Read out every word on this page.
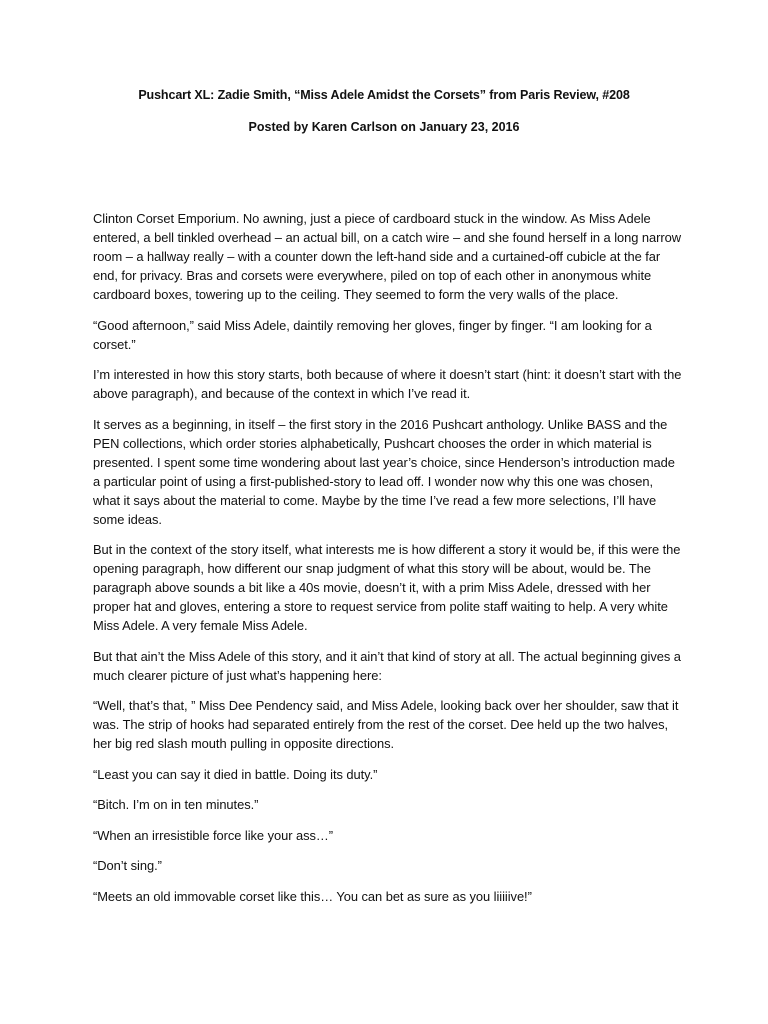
Pushcart XL: Zadie Smith, “Miss Adele Amidst the Corsets” from Paris Review, #208
Posted by Karen Carlson on January 23, 2016

Clinton Corset Emporium. No awning, just a piece of cardboard stuck in the window. As Miss Adele entered, a bell tinkled overhead – an actual bill, on a catch wire – and she found herself in a long narrow room – a hallway really – with a counter down the left-hand side and a curtained-off cubicle at the far end, for privacy. Bras and corsets were everywhere, piled on top of each other in anonymous white cardboard boxes, towering up to the ceiling. They seemed to form the very walls of the place.

“Good afternoon,” said Miss Adele, daintily removing her gloves, finger by finger. “I am looking for a corset.”

I’m interested in how this story starts, both because of where it doesn’t start (hint: it doesn’t start with the above paragraph), and because of the context in which I’ve read it.

It serves as a beginning, in itself – the first story in the 2016 Pushcart anthology. Unlike BASS and the PEN collections, which order stories alphabetically, Pushcart chooses the order in which material is presented. I spent some time wondering about last year’s choice, since Henderson’s introduction made a particular point of using a first-published-story to lead off. I wonder now why this one was chosen, what it says about the material to come. Maybe by the time I’ve read a few more selections, I’ll have some ideas.

But in the context of the story itself, what interests me is how different a story it would be, if this were the opening paragraph, how different our snap judgment of what this story will be about, would be. The paragraph above sounds a bit like a 40s movie, doesn’t it, with a prim Miss Adele, dressed with her proper hat and gloves, entering a store to request service from polite staff waiting to help. A very white Miss Adele. A very female Miss Adele.

But that ain’t the Miss Adele of this story, and it ain’t that kind of story at all. The actual beginning gives a much clearer picture of just what’s happening here:

“Well, that’s that, ” Miss Dee Pendency said, and Miss Adele, looking back over her shoulder, saw that it was. The strip of hooks had separated entirely from the rest of the corset. Dee held up the two halves, her big red slash mouth pulling in opposite directions.

“Least you can say it died in battle. Doing its duty.”

“Bitch. I’m on in ten minutes.”

“When an irresistible force like your ass…”

“Don’t sing.”

“Meets an old immovable corset like this… You can bet as sure as you liiiiive!”
